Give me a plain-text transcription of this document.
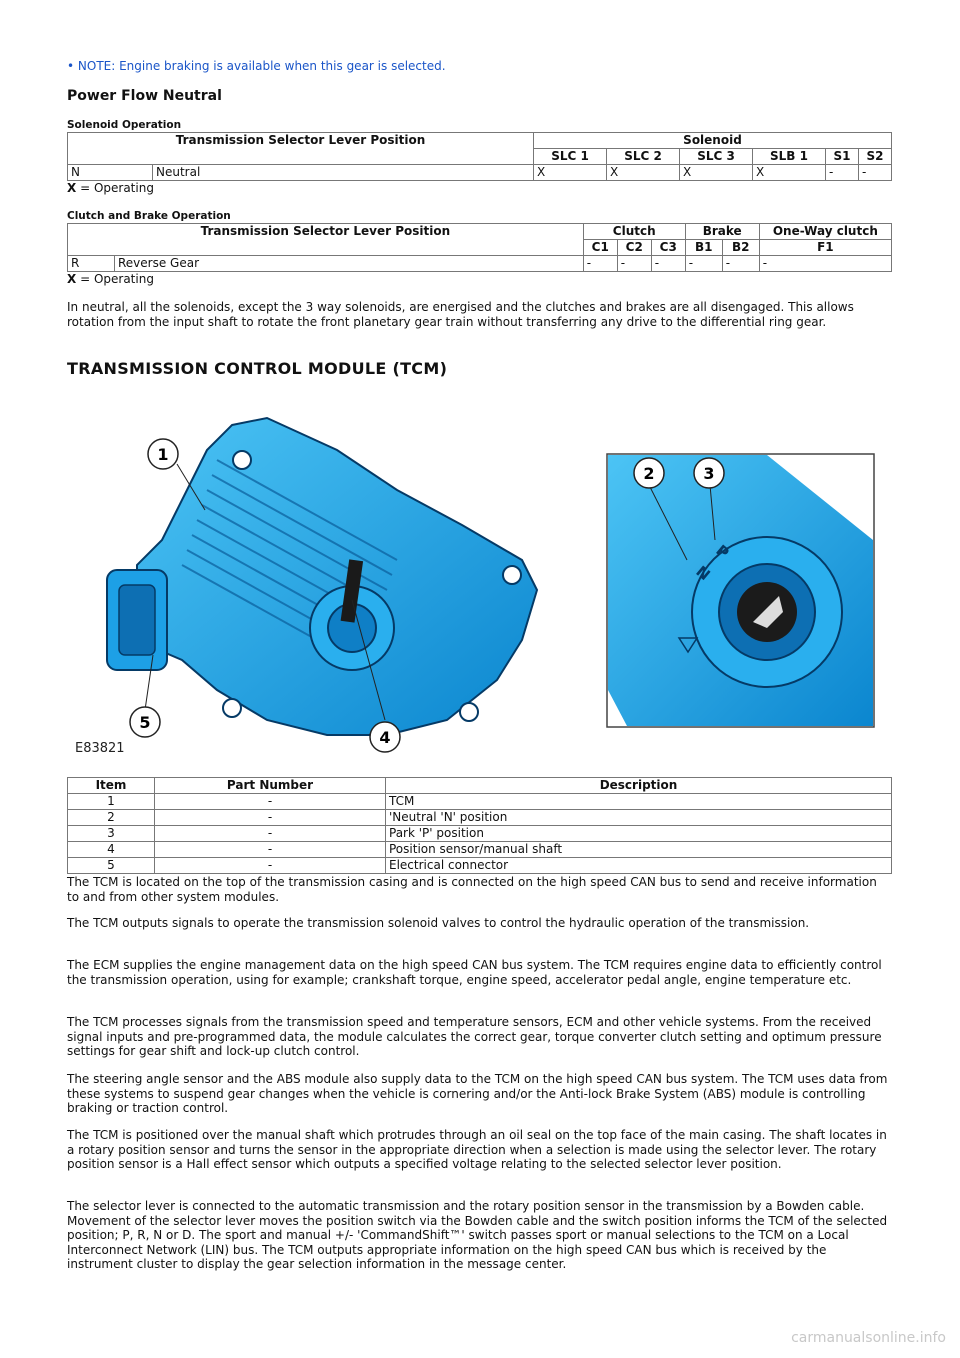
• NOTE: Engine braking is available when this gear is selected.
Power Flow Neutral
Solenoid Operation
Transmission Selector Lever Position		Solenoid					
		SLC 1	SLC 2	SLC 3	SLB 1	S1	S2
N	Neutral	X	X	X	X	-	-
X = Operating
Clutch and Brake Operation
Transmission Selector Lever Position		Clutch			Brake		One-Way clutch
		C1	C2	C3	B1	B2	F1
R	Reverse Gear	-	-	-	-	-	-
X = Operating

In neutral, all the solenoids, except the 3 way solenoids, are energised and the clutches and brakes are all disengaged. This allows rotation from the input shaft to rotate the front planetary gear train without transferring any drive to the differential ring gear.

TRANSMISSION CONTROL MODULE (TCM)
N
P
1
2	3
4
5
E83821
Item	Part Number	Description
1	-	TCM
2	-	'Neutral 'N' position
3	-	Park 'P' position
4	-	Position sensor/manual shaft
5	-	Electrical connector

The TCM is located on the top of the transmission casing and is connected on the high speed CAN bus to send and receive information to and from other system modules.

The TCM outputs signals to operate the transmission solenoid valves to control the hydraulic operation of the transmission.

The ECM supplies the engine management data on the high speed CAN bus system. The TCM requires engine data to efficiently control the transmission operation, using for example; crankshaft torque, engine speed, accelerator pedal angle, engine temperature etc.

The TCM processes signals from the transmission speed and temperature sensors, ECM and other vehicle systems. From the received signal inputs and pre-programmed data, the module calculates the correct gear, torque converter clutch setting and optimum pressure settings for gear shift and lock-up clutch control.

The steering angle sensor and the ABS module also supply data to the TCM on the high speed CAN bus system. The TCM uses data from these systems to suspend gear changes when the vehicle is cornering and/or the Anti-lock Brake System (ABS) module is controlling braking or traction control.

The TCM is positioned over the manual shaft which protrudes through an oil seal on the top face of the main casing. The shaft locates in a rotary position sensor and turns the sensor in the appropriate direction when a selection is made using the selector lever. The rotary position sensor is a Hall effect sensor which outputs a specified voltage relating to the selected selector lever position.

The selector lever is connected to the automatic transmission and the rotary position sensor in the transmission by a Bowden cable. Movement of the selector lever moves the position switch via the Bowden cable and the switch position informs the TCM of the selected position; P, R, N or D. The sport and manual +/- 'CommandShift™' switch passes sport or manual selections to the TCM on a Local Interconnect Network (LIN) bus. The TCM outputs appropriate information on the high speed CAN bus which is received by the instrument cluster to display the gear selection information in the message center.

carmanualsonline.info
